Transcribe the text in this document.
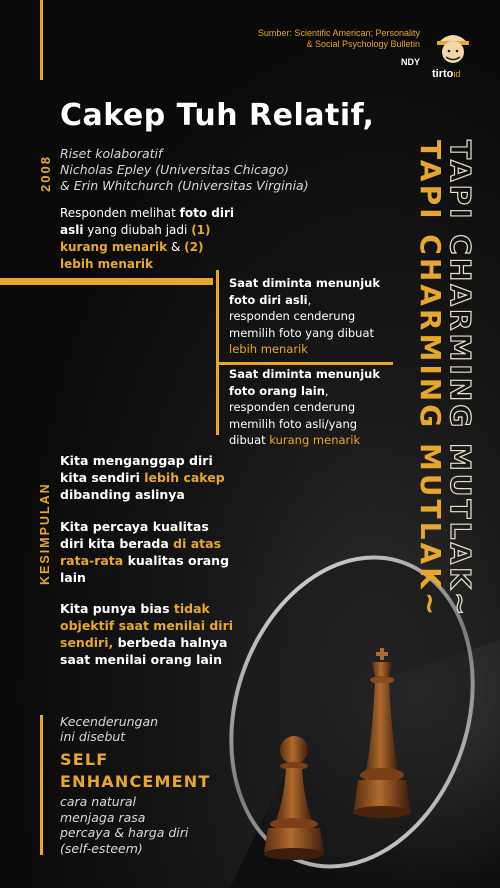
Sumber: Scientific American; Personality
& Social Psychology Bulletin
NDY
tirtoid
Cakep Tuh Relatif,
2008
Riset kolaboratif
Nicholas Epley (Universitas Chicago)
& Erin Whitchurch (Universitas Virginia)
Responden melihat foto diri asli yang diubah jadi (1) kurang menarik & (2) lebih menarik
Saat diminta menunjuk
foto diri asli,
responden cenderung
memilih foto yang dibuat
lebih menarik
Saat diminta menunjuk
foto orang lain,
responden cenderung
memilih foto asli/yang
dibuat kurang menarik
KESIMPULAN
Kita menganggap diri kita sendiri lebih cakep dibanding aslinya
Kita percaya kualitas diri kita berada di atas rata-rata kualitas orang lain
Kita punya bias tidak objektif saat menilai diri sendiri, berbeda halnya saat menilai orang lain
Kecenderungan
ini disebut
SELF
ENHANCEMENT
cara natural
menjaga rasa
percaya & harga diri
(self-esteem)
TAPI CHARMING MUTLAK~
TAPI CHARMING MUTLAK~
